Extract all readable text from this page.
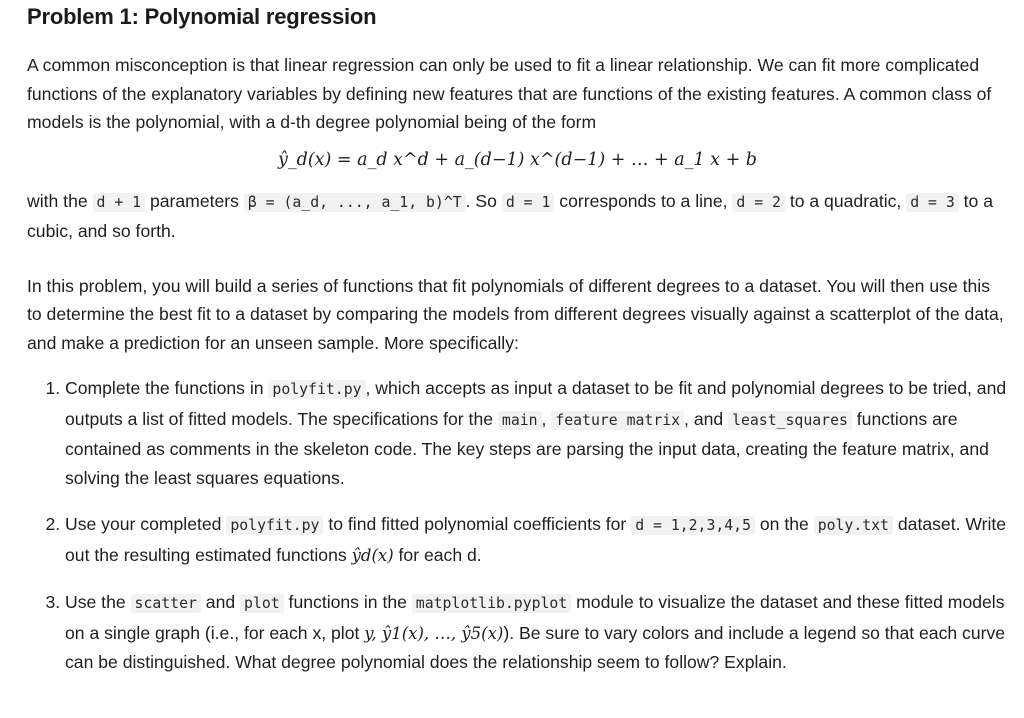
Problem 1: Polynomial regression

A common misconception is that linear regression can only be used to fit a linear relationship. We can fit more complicated functions of the explanatory variables by defining new features that are functions of the existing features. A common class of models is the polynomial, with a d-th degree polynomial being of the form

ŷ_d(x) = a_d x^d + a_(d−1) x^(d−1) + … + a_1 x + b

with the d + 1 parameters β = (a_d, ..., a_1, b)^T . So d = 1 corresponds to a line, d = 2 to a quadratic, d = 3 to a cubic, and so forth.

In this problem, you will build a series of functions that fit polynomials of different degrees to a dataset. You will then use this to determine the best fit to a dataset by comparing the models from different degrees visually against a scatterplot of the data, and make a prediction for an unseen sample. More specifically:

1. Complete the functions in polyfit.py , which accepts as input a dataset to be fit and polynomial degrees to be tried, and outputs a list of fitted models. The specifications for the main , feature matrix , and least_squares functions are contained as comments in the skeleton code. The key steps are parsing the input data, creating the feature matrix, and solving the least squares equations.
2. Use your completed polyfit.py to find fitted polynomial coefficients for d = 1,2,3,4,5 on the poly.txt dataset. Write out the resulting estimated functions ŷd(x) for each d.
3. Use the scatter and plot functions in the matplotlib.pyplot module to visualize the dataset and these fitted models on a single graph (i.e., for each x, plot y, ŷ1(x), …, ŷ5(x)). Be sure to vary colors and include a legend so that each curve can be distinguished. What degree polynomial does the relationship seem to follow? Explain.
